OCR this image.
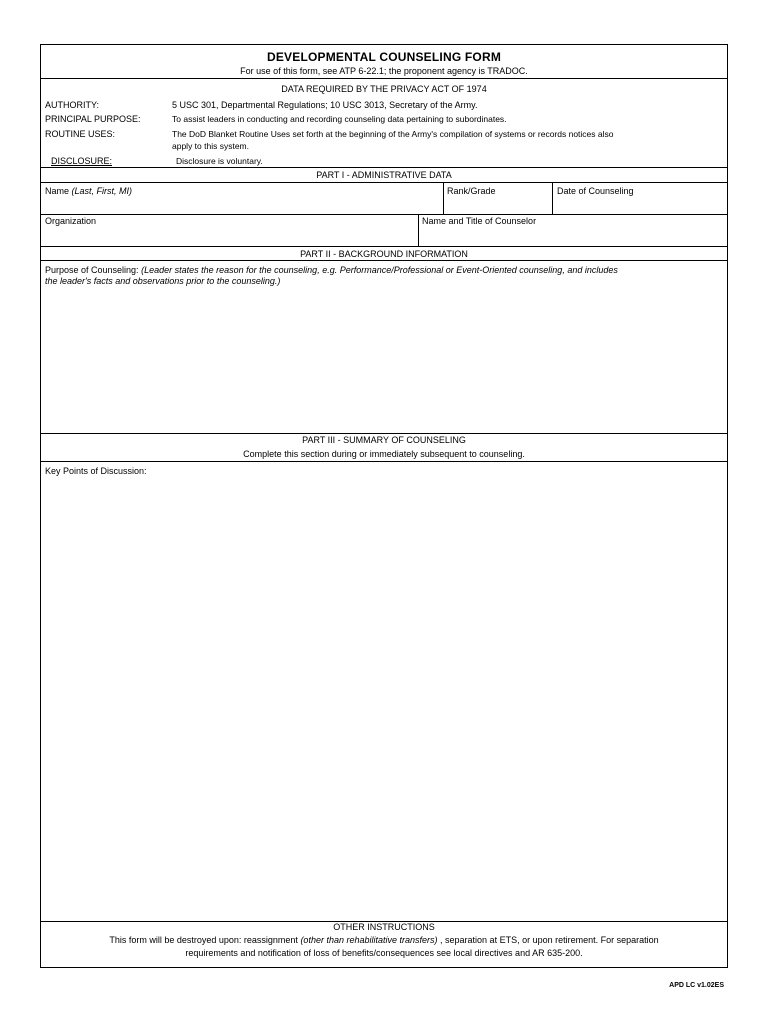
DEVELOPMENTAL COUNSELING FORM
For use of this form, see ATP 6-22.1; the proponent agency is TRADOC.
DATA REQUIRED BY THE PRIVACY ACT OF 1974
AUTHORITY:	5 USC 301, Departmental Regulations; 10 USC 3013, Secretary of the Army.
PRINCIPAL PURPOSE:	To assist leaders in conducting and recording counseling data pertaining to subordinates.
ROUTINE USES:	The DoD Blanket Routine Uses set forth at the beginning of the Army's compilation of systems or records notices also
apply to this system.
DISCLOSURE:	Disclosure is voluntary.
PART I - ADMINISTRATIVE DATA
Name (Last, First, MI)	Rank/Grade	Date of Counseling
Organization	Name and Title of Counselor
PART II - BACKGROUND INFORMATION
Purpose of Counseling: (Leader states the reason for the counseling, e.g. Performance/Professional or Event-Oriented counseling, and includes
the leader's facts and observations prior to the counseling.)
PART III - SUMMARY OF COUNSELING
Complete this section during or immediately subsequent to counseling.
Key Points of Discussion:
OTHER INSTRUCTIONS
This form will be destroyed upon: reassignment (other than rehabilitative transfers) , separation at ETS, or upon retirement. For separation
requirements and notification of loss of benefits/consequences see local directives and AR 635-200.
APD LC v1.02ES
